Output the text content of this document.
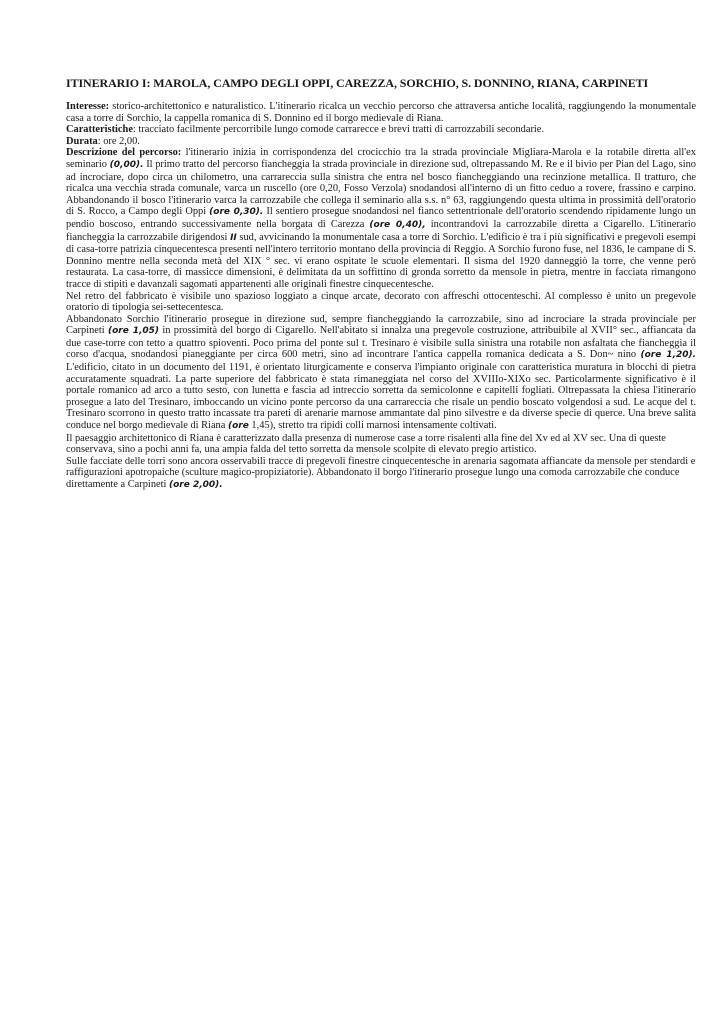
ITINERARIO I: MAROLA, CAMPO DEGLI OPPI, CAREZZA, SORCHIO, S. DONNINO, RIANA, CARPINETI

Interesse: storico-architettonico e naturalistico. L'itinerario ricalca un vecchio percorso che attraversa antiche località, raggiungendo la monumentale casa a torre di Sorchio, la cappella romanica di S. Donnino ed il borgo medievale di Riana.

Caratteristiche: tracciato facilmente percorribile lungo comode carrarecce e brevi tratti di carrozzabili secondarie.

Durata: ore 2,00.

Descrizione del percorso: l'itinerario inizia in corrispondenza del crocicchio tra la strada provinciale Migliara-Marola e la rotabile diretta all'ex seminario (0,00). Il primo tratto del percorso fiancheggia la strada provinciale in direzione sud, oltrepassando M. Re e il bivio per Pian del Lago, sino ad incrociare, dopo circa un chilometro, una carrareccia sulla sinistra che entra nel bosco fiancheggiando una recinzione metallica. Il tratturo, che ricalca una vecchia strada comunale, varca un ruscello (ore 0,20, Fosso Verzola) snodandosi all'interno di un fitto ceduo a rovere, frassino e carpino. Abbandonando il bosco l'itinerario varca la carrozzabile che collega il seminario alla s.s. n° 63, raggiungendo questa ultima in prossimità dell'oratorio di S. Rocco, a Campo degli Oppi (ore 0,30). Il sentiero prosegue snodandosi nel fianco settentrionale dell'oratorio scendendo ripidamente lungo un pendio boscoso, entrando successivamente nella borgata di Carezza (ore 0,40), incontrandovi la carrozzabile diretta a Cigarello. L'itinerario fiancheggia la carrozzabile dirigendosi II sud, avvicinando la monumentale casa a torre di Sorchio. L'edificio è tra i più significativi e pregevoli esempi di casa-torre patrizia cinquecentesca presenti nell'intero territorio montano della provincia di Reggio. A Sorchio furono fuse, nel 1836, le campane di S. Donnino mentre nella seconda metà del XIX ° sec. vi erano ospitate le scuole elementari. Il sisma del 1920 danneggiò la torre, che venne però restaurata. La casa-torre, di massicce dimensioni, è delimitata da un soffittino di gronda sorretto da mensole in pietra, mentre in facciata rimangono tracce di stipiti e davanzali sagomati appartenenti alle originali finestre cinquecentesche.

Nel retro del fabbricato è visibile uno spazioso loggiato a cinque arcate, decorato con affreschi ottocenteschi. Al complesso è unito un pregevole oratorio di tipologia sei-settecentesca.

Abbandonato Sorchio l'itinerario prosegue in direzione sud, sempre fiancheggiando la carrozzabile, sino ad incrociare la strada provinciale per Carpineti (ore 1,05) in prossimità del borgo di Cigarello. Nell'abitato si innalza una pregevole costruzione, attribuibile al XVII° sec., affiancata da due case-torre con tetto a quattro spioventi. Poco prima del ponte sul t. Tresinaro è visibile sulla sinistra una rotabile non asfaltata che fiancheggia il corso d'acqua, snodandosi pianeggiante per circa 600 metri, sino ad incontrare l'antica cappella romanica dedicata a S. Don~ nino (ore 1,20). L'edificio, citato in un documento del 1191, è orientato liturgicamente e conserva l'impianto originale con caratteristica muratura in blocchi di pietra accuratamente squadrati. La parte superiore del fabbricato è stata rimaneggiata nel corso del XVIIIo-XIXo sec. Particolarmente significativo è il portale romanico ad arco a tutto sesto, con lunetta e fascia ad intreccio sorretta da semicolonne e capitelli fogliati. Oltrepassata la chiesa l'itinerario prosegue a lato del Tresinaro, imboccando un vicino ponte percorso da una carrareccia che risale un pendio boscato volgendosi a sud. Le acque del t. Tresinaro scorrono in questo tratto incassate tra pareti di arenarie marnose ammantate dal pino silvestre e da diverse specie di querce. Una breve salita conduce nel borgo medievale di Riana (ore 1,45), stretto tra ripidi colli marnosi intensamente coltivati.

Il paesaggio architettonico di Riana è caratterizzato dalla presenza di numerose case a torre risalenti alla fine del Xv ed al XV sec. Una di queste conservava, sino a pochi anni fa, una ampia falda del tetto sorretta da mensole scolpite di elevato pregio artistico.

Sulle facciate delle torri sono ancora osservabili tracce di pregevoli finestre cinquecentesche in arenaria sagomata affiancate da mensole per stendardi e raffigurazioni apotropaiche (sculture magico-propiziatorie). Abbandonato il borgo l'itinerario prosegue lungo una comoda carrozzabile che conduce direttamente a Carpineti (ore 2,00).
